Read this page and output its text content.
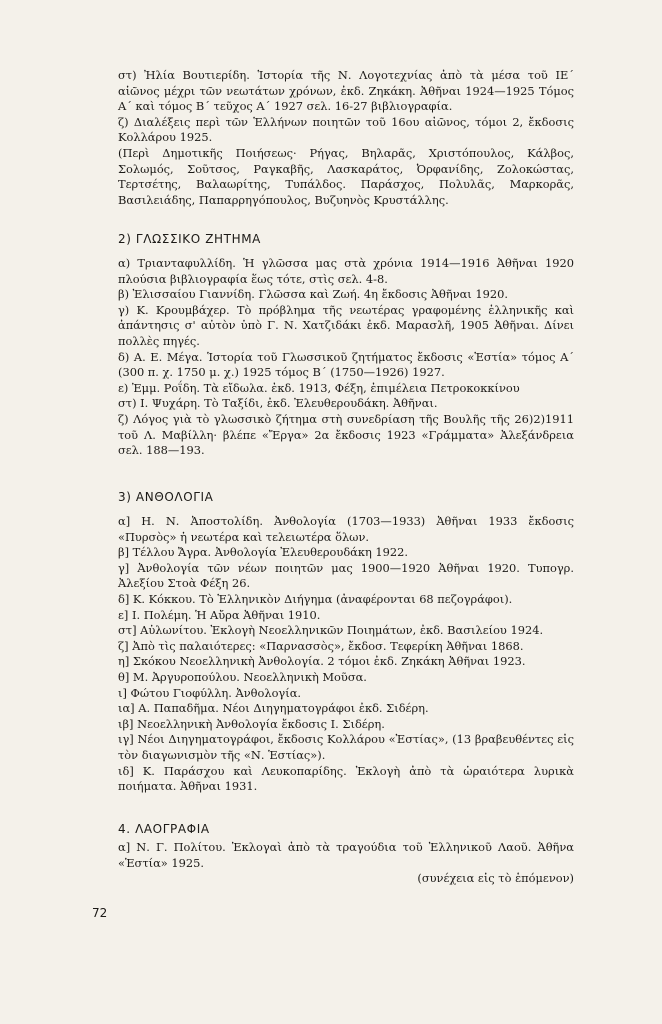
στ) Ἠλία Βουτιερίδη. Ἱστορία τῆς Ν. Λογοτεχνίας ἀπὸ τὰ μέσα τοῦ ΙΕ΄ αἰῶνος μέχρι τῶν νεωτάτων χρόνων, ἐκδ. Ζηκάκη. Ἀθῆναι 1924—1925 Τόμος Α΄ καὶ τόμος Β΄ τεῦχος Α΄ 1927 σελ. 16-27 βιβλιογραφία.

ζ) Διαλέξεις περὶ τῶν Ἑλλήνων ποιητῶν τοῦ 16ου αἰῶνος, τόμοι 2, ἔκδοσις Κολλάρου 1925.

(Περὶ Δημοτικῆς Ποιήσεως· Ρήγας, Βηλαρᾶς, Χριστόπουλος, Κάλβος, Σολωμός, Σοῦτσος, Ραγκαβῆς, Λασκαράτος, Ὀρφανίδης, Ζολοκώστας, Τερτσέτης, Βαλαωρίτης, Τυπάλδος. Παράσχος, Πολυλᾶς, Μαρκορᾶς, Βασιλειάδης, Παπαρρηγόπουλος, Βυζυηνὸς Κρυστάλλης.

2) ΓΛΩΣΣΙΚΟ ΖΗΤΗΜΑ

α) Τριανταφυλλίδη. Ἡ γλῶσσα μας στὰ χρόνια 1914—1916 Ἀθῆναι 1920 πλούσια βιβλιογραφία ἕως τότε, στὶς σελ. 4-8.

β) Ἐλισσαίου Γιαννίδη. Γλῶσσα καὶ Ζωή. 4η ἔκδοσις Ἀθῆναι 1920.

γ) Κ. Κρουμβάχερ. Τὸ πρόβλημα τῆς νεωτέρας γραφομένης ἑλληνικῆς καὶ ἀπάντησις σ' αὐτὸν ὑπὸ Γ. Ν. Χατζιδάκι ἐκδ. Μαρασλῆ, 1905 Ἀθῆναι. Δίνει πολλὲς πηγές.

δ) Α. Ε. Μέγα. Ἱστορία τοῦ Γλωσσικοῦ ζητήματος ἔκδοσις «Ἑστία» τόμος Α΄ (300 π. χ. 1750 μ. χ.) 1925 τόμος Β΄ (1750—1926) 1927.

ε) Ἐμμ. Ροΐδη. Τὰ εἴδωλα. ἐκδ. 1913, Φέξη, ἐπιμέλεια Πετροκοκκίνου

στ) Ι. Ψυχάρη. Τὸ Ταξίδι, ἐκδ. Ἐλευθερουδάκη. Ἀθῆναι.

ζ) Λόγος γιὰ τὸ γλωσσικὸ ζήτημα στὴ συνεδρίαση τῆς Βουλῆς τῆς 26)2)1911 τοῦ Λ. Μαβίλλη· βλέπε «Ἔργα» 2α ἔκδοσις 1923 «Γράμματα» Ἀλεξάνδρεια σελ. 188—193.

3) ΑΝΘΟΛΟΓΙΑ

α] Η. Ν. Ἀποστολίδη. Ἀνθολογία (1703—1933) Ἀθῆναι 1933 ἔκδοσις «Πυρσὸς» ἡ νεωτέρα καὶ τελειωτέρα ὅλων.

β] Τέλλου Ἄγρα. Ἀνθολογία Ἐλευθερουδάκη 1922.

γ] Ἀνθολογία τῶν νέων ποιητῶν μας 1900—1920 Ἀθῆναι 1920. Τυπογρ. Ἀλεξίου Στοὰ Φέξη 26.

δ] Κ. Κόκκου. Τὸ Ἑλληνικὸν Διήγημα (ἀναφέρονται 68 πεζογράφοι).

ε] Ι. Πολέμη. Ἡ Αὔρα Ἀθῆναι 1910.

στ] Αὐλωνίτου. Ἐκλογὴ Νεοελληνικῶν Ποιημάτων, ἐκδ. Βασιλείου 1924.

ζ] Ἀπὸ τὶς παλαιότερες: «Παρνασσὸς», ἔκδοσ. Τεφερίκη Ἀθῆναι 1868.

η] Σκόκου Νεοελληνικὴ Ἀνθολογία. 2 τόμοι ἐκδ. Ζηκάκη Ἀθῆναι 1923.

θ] Μ. Ἀργυροπούλου. Νεοελληνικὴ Μοῦσα.

ι] Φώτου Γιοφύλλη. Ἀνθολογία.

ια] Α. Παπαδῆμα. Νέοι Διηγηματογράφοι ἐκδ. Σιδέρη.

ιβ] Νεοελληνικὴ Ἀνθολογία ἔκδοσις Ι. Σιδέρη.

ιγ] Νέοι Διηγηματογράφοι, ἔκδοσις Κολλάρου «Ἑστίας», (13 βραβευθέντες εἰς τὸν διαγωνισμὸν τῆς «Ν. Ἑστίας»).

ιδ] Κ. Παράσχου καὶ Λευκοπαρίδης. Ἐκλογὴ ἀπὸ τὰ ὡραιότερα λυρικὰ ποιήματα. Ἀθῆναι 1931.

4. ΛΑΟΓΡΑΦΙΑ

α] Ν. Γ. Πολίτου. Ἐκλογαὶ ἀπὸ τὰ τραγούδια τοῦ Ἑλληνικοῦ Λαοῦ. Ἀθῆνα «Ἑστία» 1925.

(συνέχεια εἰς τὸ ἑπόμενον)

72
